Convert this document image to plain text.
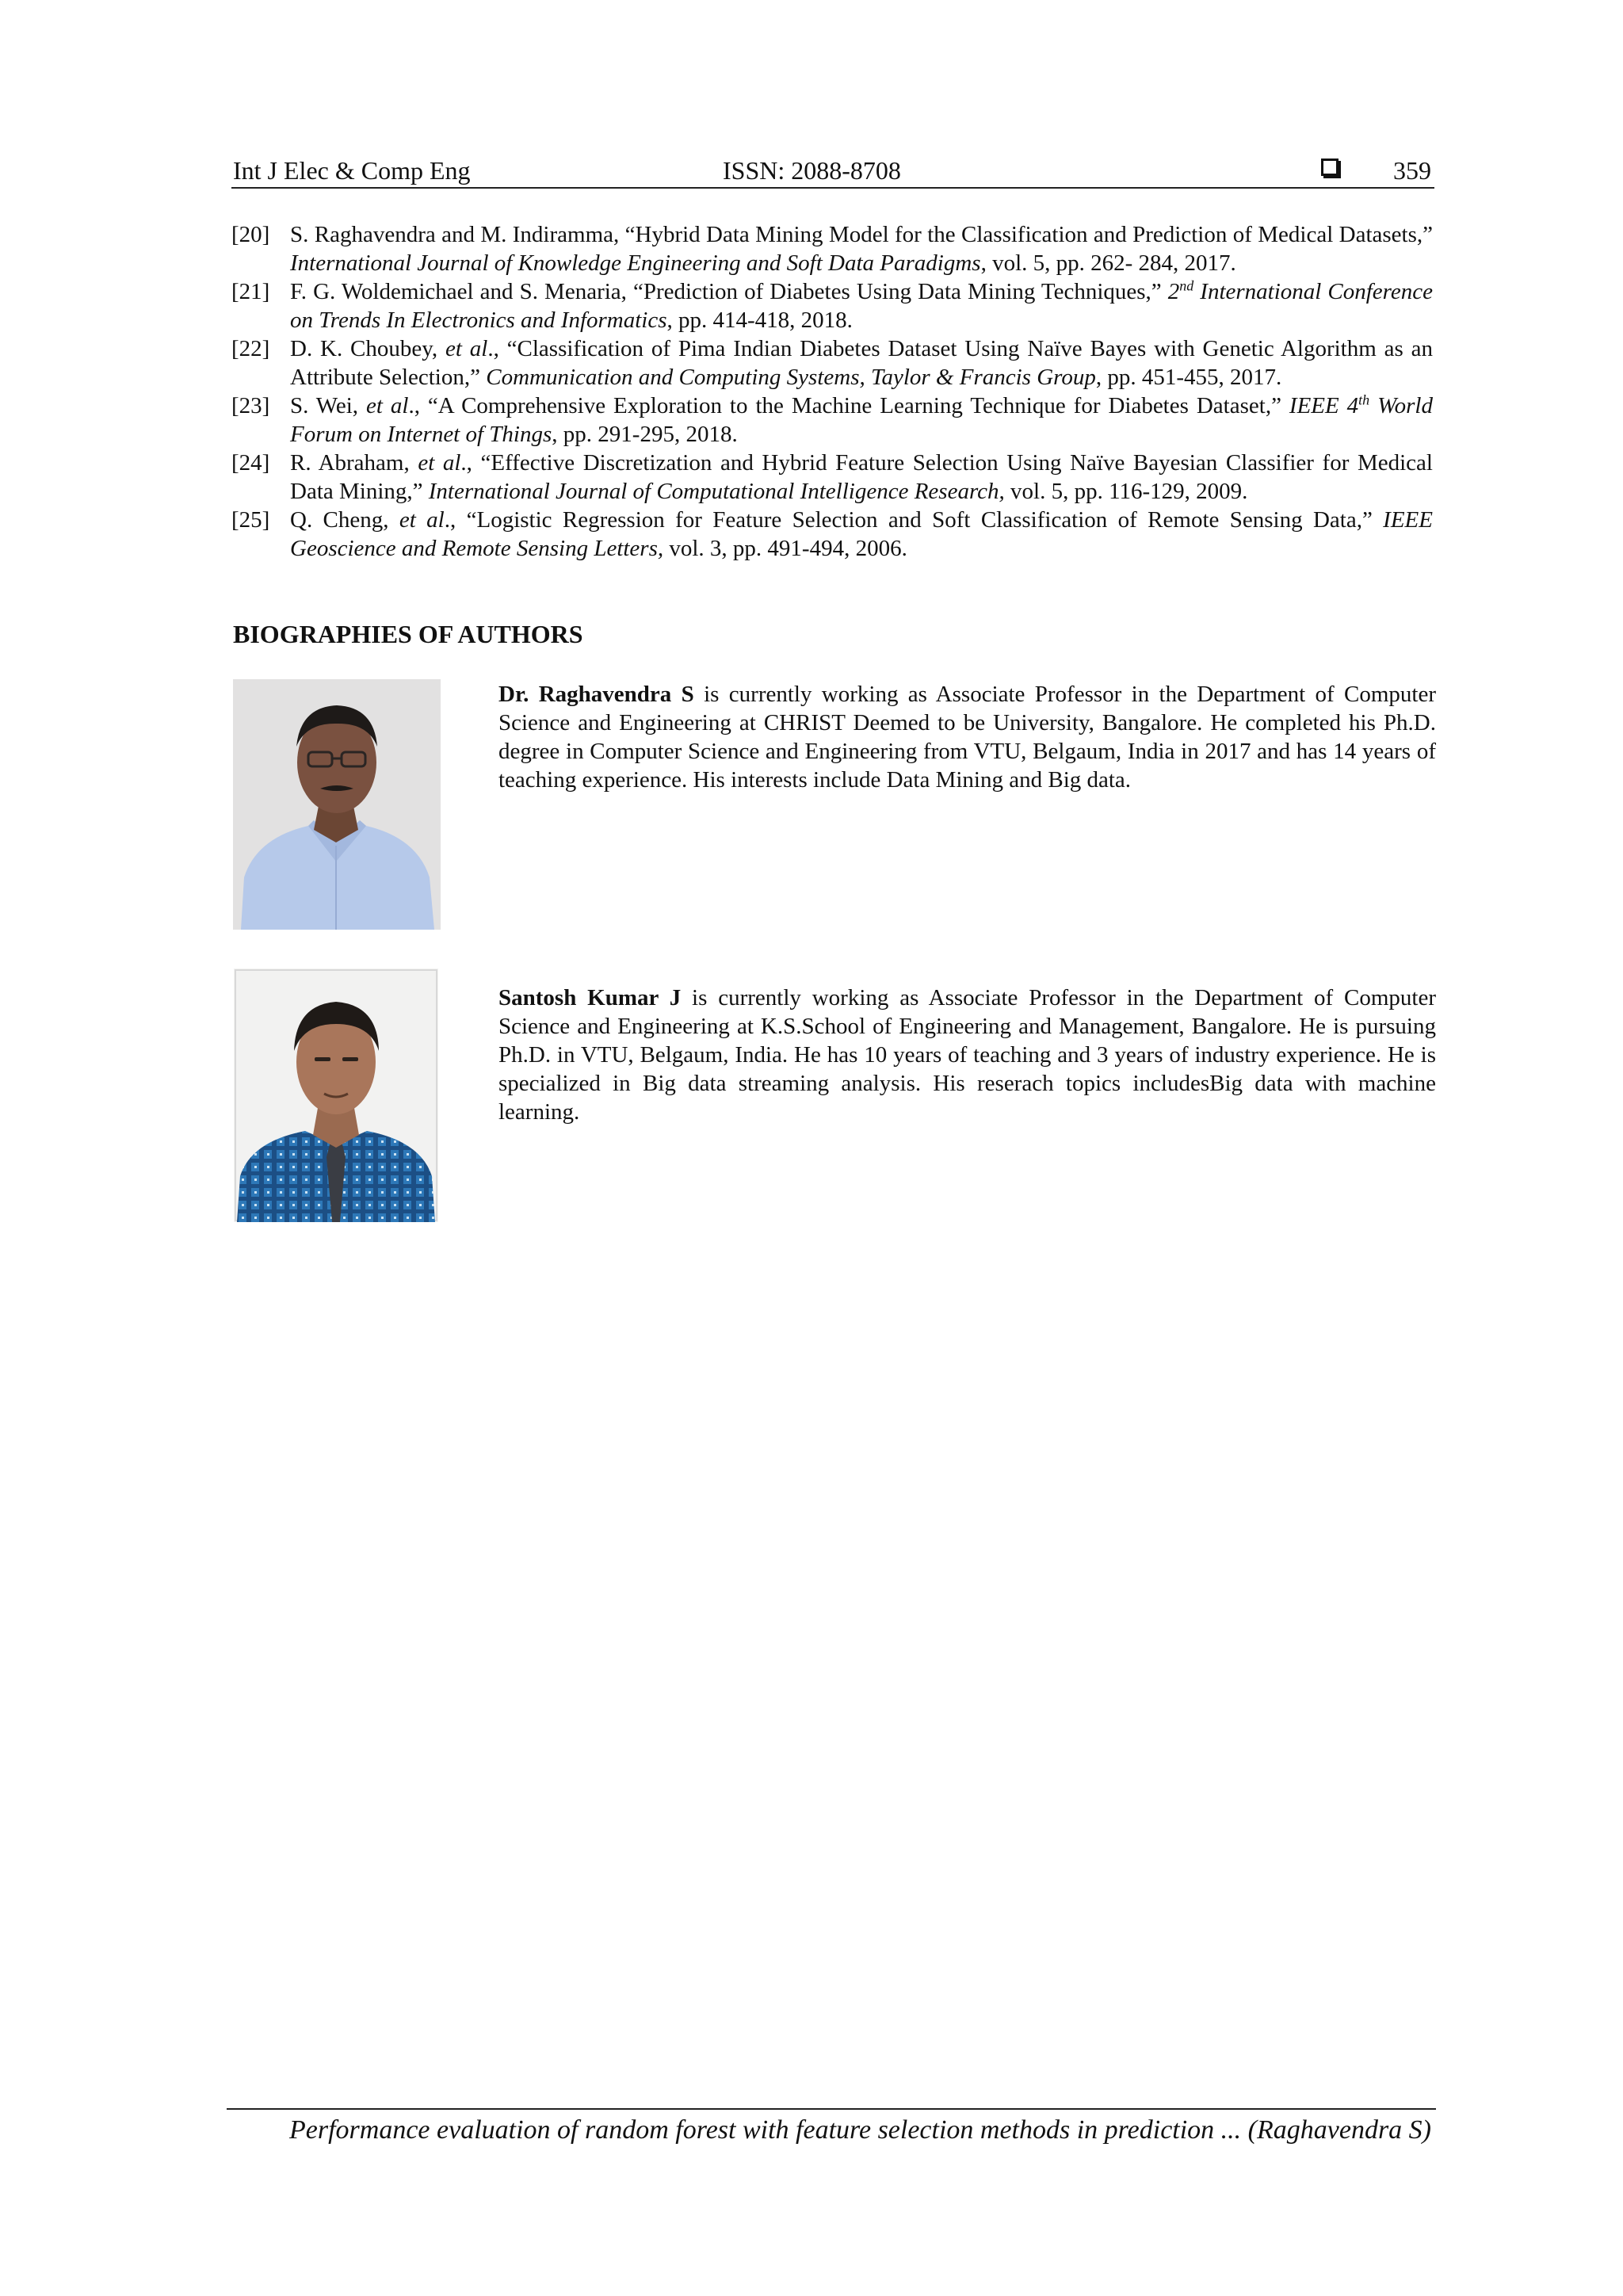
Int J Elec & Comp Eng	ISSN: 2088-8708	359
[20] S. Raghavendra and M. Indiramma, “Hybrid Data Mining Model for the Classification and Prediction of Medical Datasets,” International Journal of Knowledge Engineering and Soft Data Paradigms, vol. 5, pp. 262- 284, 2017.
[21] F. G. Woldemichael and S. Menaria, “Prediction of Diabetes Using Data Mining Techniques,” 2nd International Conference on Trends In Electronics and Informatics, pp. 414-418, 2018.
[22] D. K. Choubey, et al., “Classification of Pima Indian Diabetes Dataset Using Naïve Bayes with Genetic Algorithm as an Attribute Selection,” Communication and Computing Systems, Taylor & Francis Group, pp. 451-455, 2017.
[23] S. Wei, et al., “A Comprehensive Exploration to the Machine Learning Technique for Diabetes Dataset,” IEEE 4th World Forum on Internet of Things, pp. 291-295, 2018.
[24] R. Abraham, et al., “Effective Discretization and Hybrid Feature Selection Using Naïve Bayesian Classifier for Medical Data Mining,” International Journal of Computational Intelligence Research, vol. 5, pp. 116-129, 2009.
[25] Q. Cheng, et al., “Logistic Regression for Feature Selection and Soft Classification of Remote Sensing Data,” IEEE Geoscience and Remote Sensing Letters, vol. 3, pp. 491-494, 2006.
BIOGRAPHIES OF AUTHORS
Dr. Raghavendra S is currently working as Associate Professor in the Department of Computer Science and Engineering at CHRIST Deemed to be University, Bangalore. He completed his Ph.D. degree in Computer Science and Engineering from VTU, Belgaum, India in 2017 and has 14 years of teaching experience. His interests include Data Mining and Big data.
Santosh Kumar J is currently working as Associate Professor in the Department of Computer Science and Engineering at K.S.School of Engineering and Management, Bangalore. He is pursuing Ph.D. in VTU, Belgaum, India. He has 10 years of teaching and 3 years of industry experience. He is specialized in Big data streaming analysis. His reserach topics includesBig data with machine learning.
Performance evaluation of random forest with feature selection methods in prediction ... (Raghavendra S)
